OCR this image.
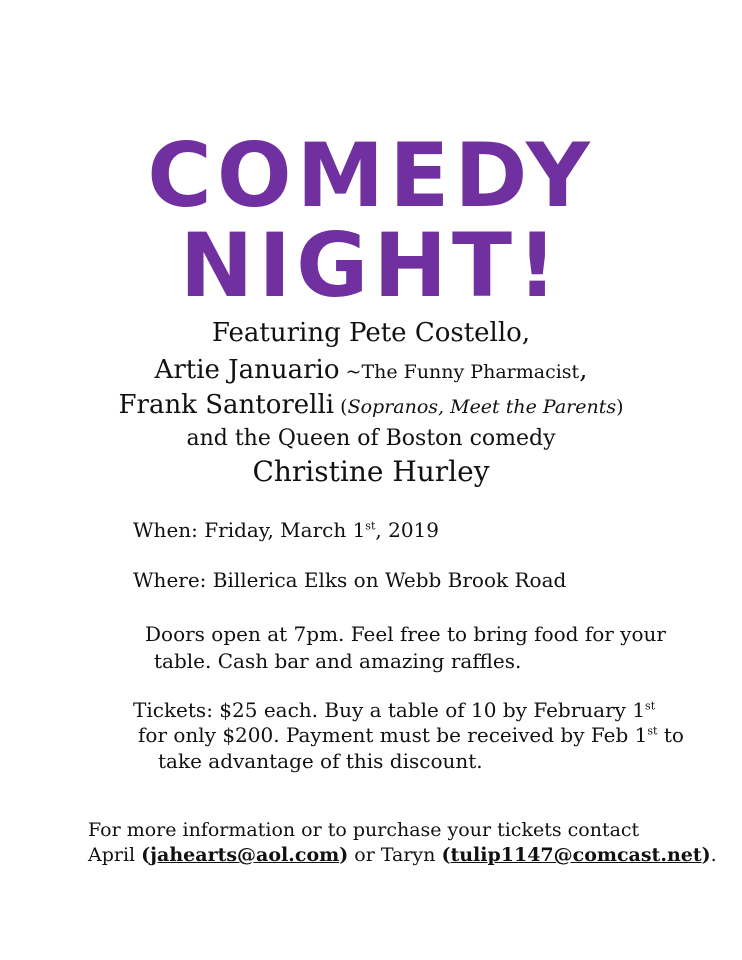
COMEDY
NIGHT!

Featuring Pete Costello,

Artie Januario ~The Funny Pharmacist,

Frank Santorelli (Sopranos, Meet the Parents)

and the Queen of Boston comedy

Christine Hurley

When: Friday, March 1st, 2019

Where: Billerica Elks on Webb Brook Road

Doors open at 7pm. Feel free to bring food for your

table. Cash bar and amazing raffles.

Tickets: $25 each. Buy a table of 10 by February 1st

for only $200. Payment must be received by Feb 1st to

take advantage of this discount.

For more information or to purchase your tickets contact

April (jahearts@aol.com) or Taryn (tulip1147@comcast.net).
